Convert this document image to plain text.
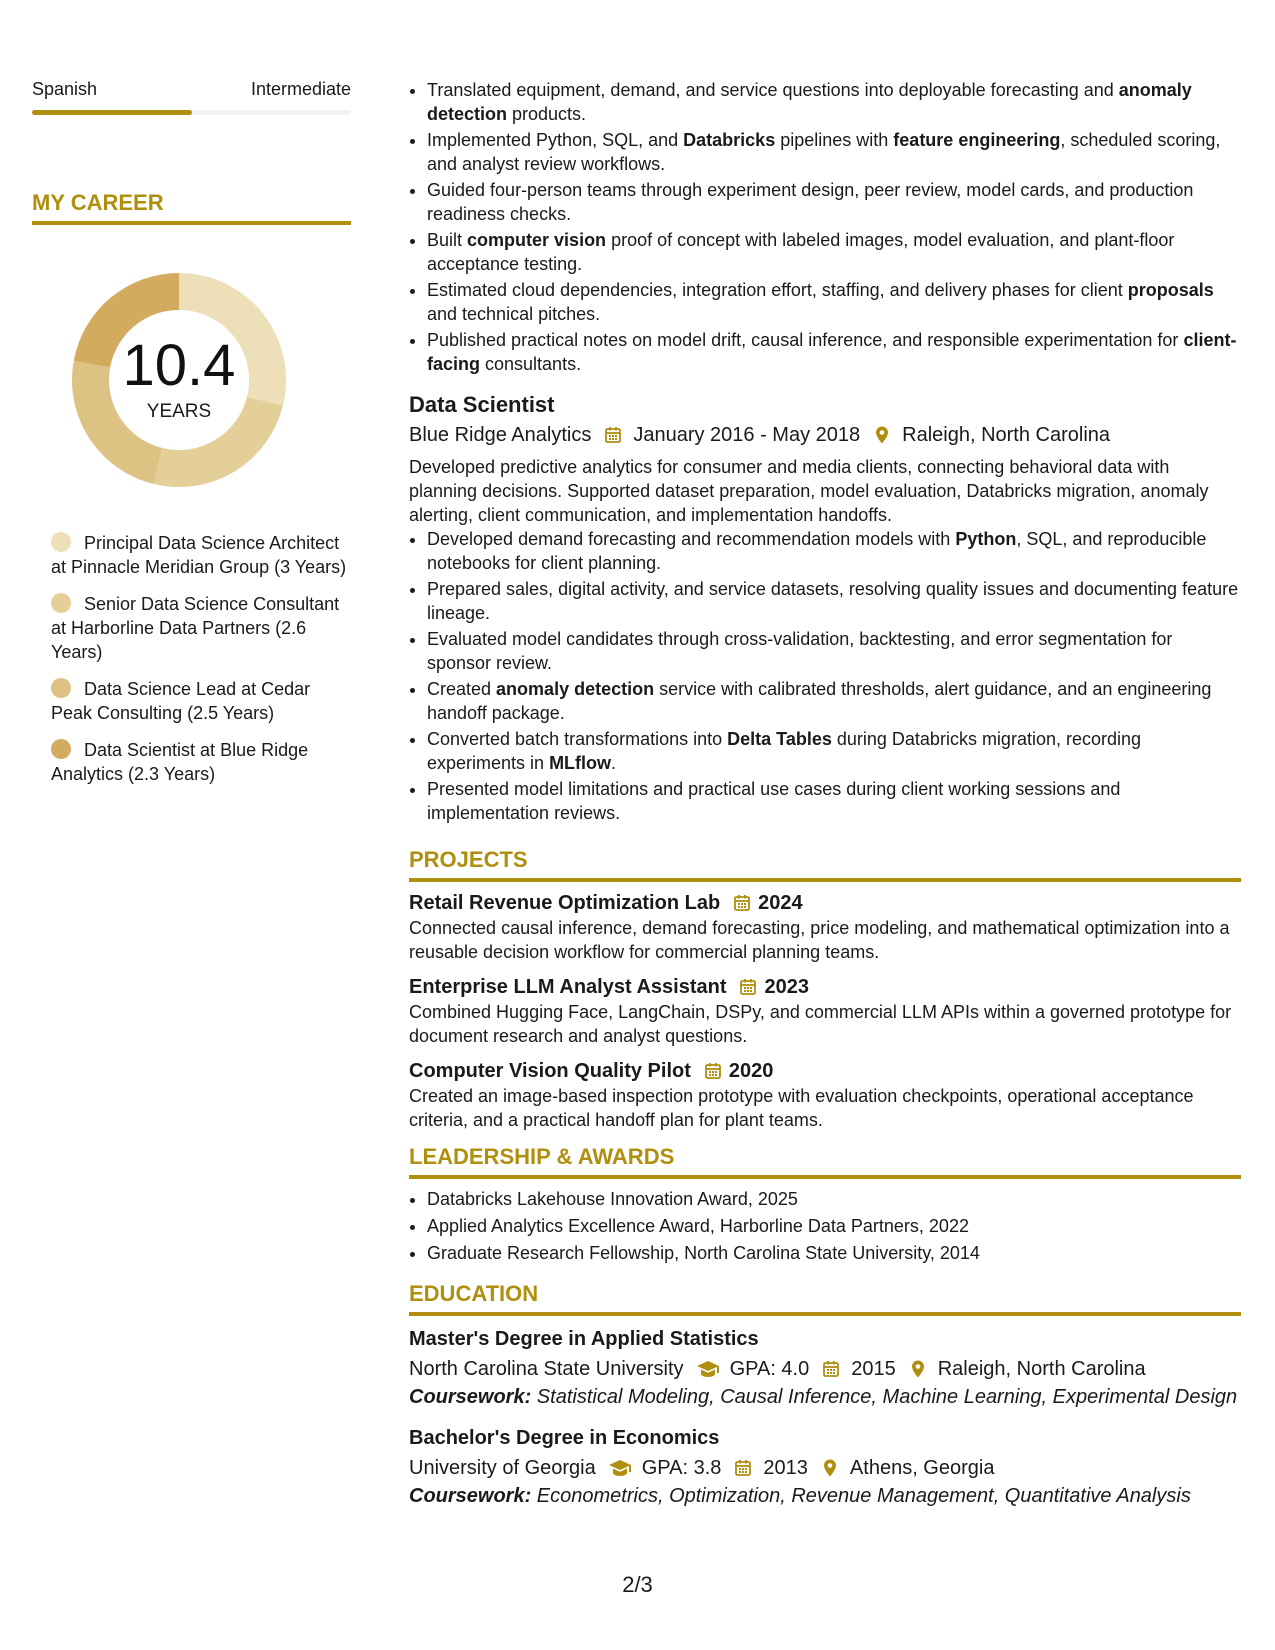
Spanish	Intermediate
MY CAREER
10.4
YEARS
Principal Data Science Architect at Pinnacle Meridian Group (3 Years)
Senior Data Science Consultant at Harborline Data Partners (2.6 Years)
Data Science Lead at Cedar Peak Consulting (2.5 Years)
Data Scientist at Blue Ridge Analytics (2.3 Years)
• Translated equipment, demand, and service questions into deployable forecasting and anomaly detection products.
• Implemented Python, SQL, and Databricks pipelines with feature engineering, scheduled scoring, and analyst review workflows.
• Guided four-person teams through experiment design, peer review, model cards, and production readiness checks.
• Built computer vision proof of concept with labeled images, model evaluation, and plant-floor acceptance testing.
• Estimated cloud dependencies, integration effort, staffing, and delivery phases for client proposals and technical pitches.
• Published practical notes on model drift, causal inference, and responsible experimentation for client-facing consultants.
Data Scientist
Blue Ridge Analytics January 2016 - May 2018 Raleigh, North Carolina
Developed predictive analytics for consumer and media clients, connecting behavioral data with planning decisions. Supported dataset preparation, model evaluation, Databricks migration, anomaly alerting, client communication, and implementation handoffs.
• Developed demand forecasting and recommendation models with Python, SQL, and reproducible notebooks for client planning.
• Prepared sales, digital activity, and service datasets, resolving quality issues and documenting feature lineage.
• Evaluated model candidates through cross-validation, backtesting, and error segmentation for sponsor review.
• Created anomaly detection service with calibrated thresholds, alert guidance, and an engineering handoff package.
• Converted batch transformations into Delta Tables during Databricks migration, recording experiments in MLflow.
• Presented model limitations and practical use cases during client working sessions and implementation reviews.
PROJECTS
Retail Revenue Optimization Lab 2024
Connected causal inference, demand forecasting, price modeling, and mathematical optimization into a reusable decision workflow for commercial planning teams.
Enterprise LLM Analyst Assistant 2023
Combined Hugging Face, LangChain, DSPy, and commercial LLM APIs within a governed prototype for document research and analyst questions.
Computer Vision Quality Pilot 2020
Created an image-based inspection prototype with evaluation checkpoints, operational acceptance criteria, and a practical handoff plan for plant teams.
LEADERSHIP & AWARDS
• Databricks Lakehouse Innovation Award, 2025
• Applied Analytics Excellence Award, Harborline Data Partners, 2022
• Graduate Research Fellowship, North Carolina State University, 2014
EDUCATION
Master's Degree in Applied Statistics
North Carolina State University GPA: 4.0 2015 Raleigh, North Carolina
Coursework: Statistical Modeling, Causal Inference, Machine Learning, Experimental Design
Bachelor's Degree in Economics
University of Georgia GPA: 3.8 2013 Athens, Georgia
Coursework: Econometrics, Optimization, Revenue Management, Quantitative Analysis
2/3
